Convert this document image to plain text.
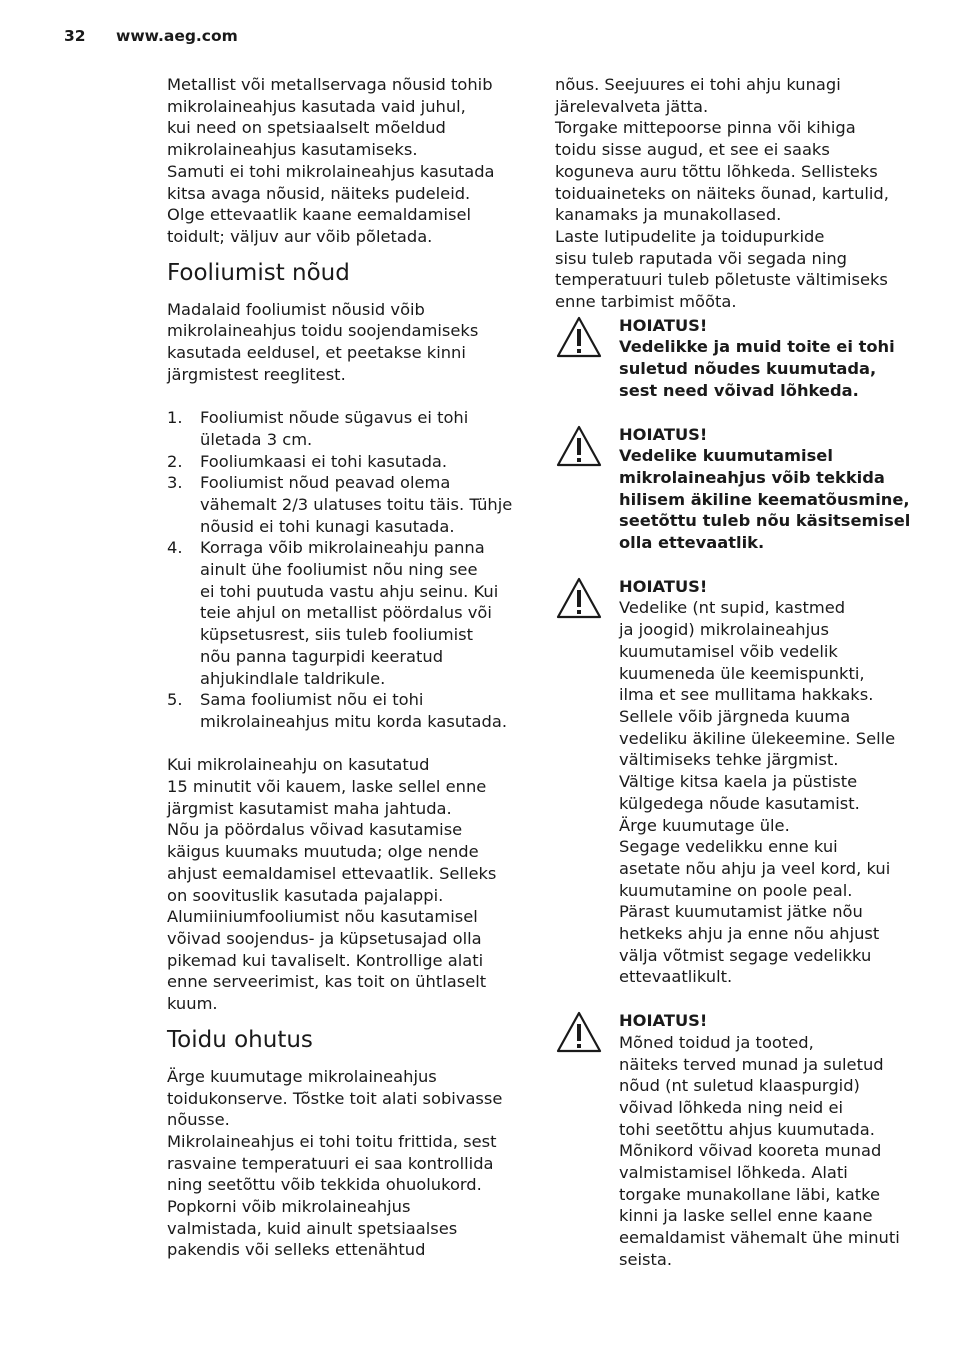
32 www.aeg.com

Metallist või metallservaga nõusid tohib
mikrolaineahjus kasutada vaid juhul,
kui need on spetsiaalselt mõeldud
mikrolaineahjus kasutamiseks.
Samuti ei tohi mikrolaineahjus kasutada
kitsa avaga nõusid, näiteks pudeleid.
Olge ettevaatlik kaane eemaldamisel
toidult; väljuv aur võib põletada.

Fooliumist nõud

Madalaid fooliumist nõusid võib
mikrolaineahjus toidu soojendamiseks
kasutada eeldusel, et peetakse kinni
järgmistest reeglitest.

1. Fooliumist nõude sügavus ei tohi
ületada 3 cm.
2. Fooliumkaasi ei tohi kasutada.
3. Fooliumist nõud peavad olema
vähemalt 2/3 ulatuses toitu täis. Tühje
nõusid ei tohi kunagi kasutada.
4. Korraga võib mikrolaineahju panna
ainult ühe fooliumist nõu ning see
ei tohi puutuda vastu ahju seinu. Kui
teie ahjul on metallist pöördalus või
küpsetusrest, siis tuleb fooliumist
nõu panna tagurpidi keeratud
ahjukindlale taldrikule.
5. Sama fooliumist nõu ei tohi
mikrolaineahjus mitu korda kasutada.

Kui mikrolaineahju on kasutatud
15 minutit või kauem, laske sellel enne
järgmist kasutamist maha jahtuda.
Nõu ja pöördalus võivad kasutamise
käigus kuumaks muutuda; olge nende
ahjust eemaldamisel ettevaatlik. Selleks
on soovituslik kasutada pajalappi.
Alumiiniumfooliumist nõu kasutamisel
võivad soojendus- ja küpsetusajad olla
pikemad kui tavaliselt. Kontrollige alati
enne serveerimist, kas toit on ühtlaselt
kuum.

Toidu ohutus

Ärge kuumutage mikrolaineahjus
toidukonserve. Tõstke toit alati sobivasse
nõusse.
Mikrolaineahjus ei tohi toitu frittida, sest
rasvaine temperatuuri ei saa kontrollida
ning seetõttu võib tekkida ohuolukord.
Popkorni võib mikrolaineahjus
valmistada, kuid ainult spetsiaalses
pakendis või selleks ettenähtud

nõus. Seejuures ei tohi ahju kunagi
järelevalveta jätta.
Torgake mittepoorse pinna või kihiga
toidu sisse augud, et see ei saaks
koguneva auru tõttu lõhkeda. Sellisteks
toiduaineteks on näiteks õunad, kartulid,
kanamaks ja munakollased.
Laste lutipudelite ja toidupurkide
sisu tuleb raputada või segada ning
temperatuuri tuleb põletuste vältimiseks
enne tarbimist mõõta.

HOIATUS!

Vedelikke ja muid toite ei tohi
suletud nõudes kuumutada,
sest need võivad lõhkeda.

HOIATUS!

Vedelike kuumutamisel
mikrolaineahjus võib tekkida
hilisem äkiline keematõusmine,
seetõttu tuleb nõu käsitsemisel
olla ettevaatlik.

HOIATUS!

Vedelike (nt supid, kastmed
ja joogid) mikrolaineahjus
kuumutamisel võib vedelik
kuumeneda üle keemispunkti,
ilma et see mullitama hakkaks.
Sellele võib järgneda kuuma
vedeliku äkiline ülekeemine. Selle
vältimiseks tehke järgmist.
Vältige kitsa kaela ja püstiste
külgedega nõude kasutamist.
Ärge kuumutage üle.
Segage vedelikku enne kui
asetate nõu ahju ja veel kord, kui
kuumutamine on poole peal.
Pärast kuumutamist jätke nõu
hetkeks ahju ja enne nõu ahjust
välja võtmist segage vedelikku
ettevaatlikult.

HOIATUS!

Mõned toidud ja tooted,
näiteks terved munad ja suletud
nõud (nt suletud klaaspurgid)
võivad lõhkeda ning neid ei
tohi seetõttu ahjus kuumutada.
Mõnikord võivad kooreta munad
valmistamisel lõhkeda. Alati
torgake munakollane läbi, katke
kinni ja laske sellel enne kaane
eemaldamist vähemalt ühe minuti
seista.
